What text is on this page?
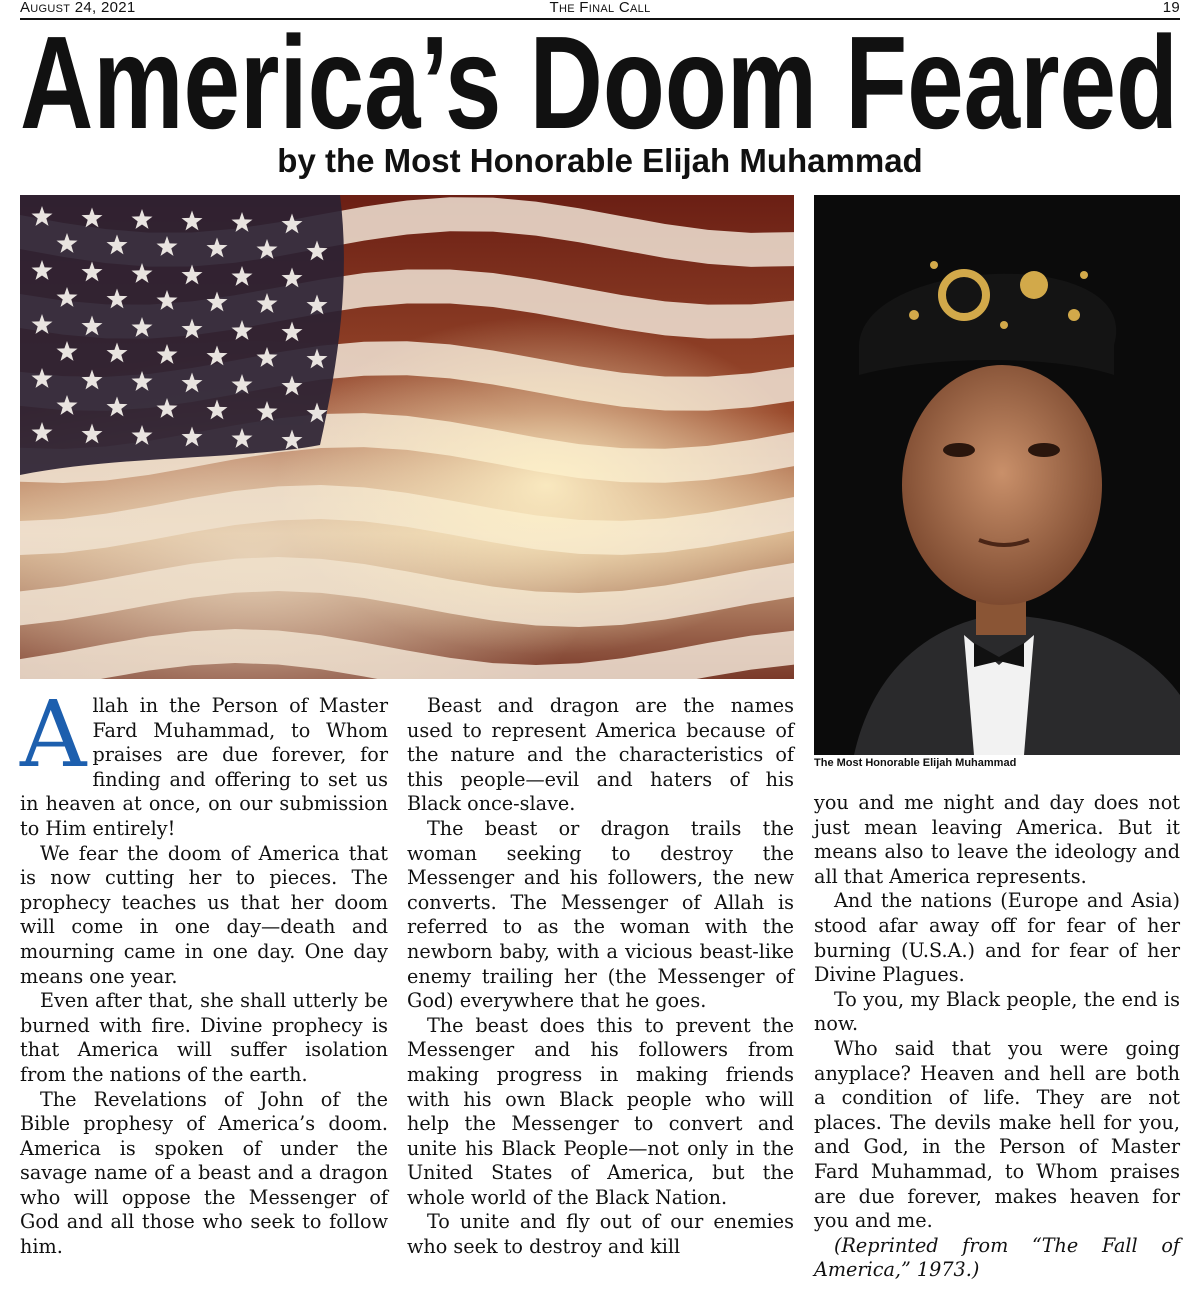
August 24, 2021	The Final Call	19
America’s Doom Feared
by the Most Honorable Elijah Muhammad
The Most Honorable Elijah Muhammad
A llah in the Person of Master Fard Muhammad, to Whom praises are due forever, for finding and offering to set us in heaven at once, on our submission to Him entirely!

We fear the doom of America that is now cutting her to pieces. The prophecy teaches us that her doom will come in one day—death and mourning came in one day. One day means one year.

Even after that, she shall utterly be burned with fire. Divine prophecy is that America will suffer isolation from the nations of the earth.

The Revelations of John of the Bible prophesy of America’s doom. America is spoken of under the savage name of a beast and a dragon who will oppose the Messenger of God and all those who seek to follow him.

Beast and dragon are the names used to represent America because of the nature and the characteristics of this people—evil and haters of his Black once-slave.

The beast or dragon trails the woman seeking to destroy the Messenger and his followers, the new converts. The Messenger of Allah is referred to as the woman with the newborn baby, with a vicious beast-like enemy trailing her (the Messenger of God) everywhere that he goes.

The beast does this to prevent the Messenger and his followers from making progress in making friends with his own Black people who will help the Messenger to convert and unite his Black People—not only in the United States of America, but the whole world of the Black Nation.

To unite and fly out of our enemies who seek to destroy and kill

you and me night and day does not just mean leaving America. But it means also to leave the ideology and all that America represents.

And the nations (Europe and Asia) stood afar away off for fear of her burning (U.S.A.) and for fear of her Divine Plagues.

To you, my Black people, the end is now.

Who said that you were going anyplace? Heaven and hell are both a condition of life. They are not places. The devils make hell for you, and God, in the Person of Master Fard Muhammad, to Whom praises are due forever, makes heaven for you and me.

(Reprinted from “The Fall of America,” 1973.)
